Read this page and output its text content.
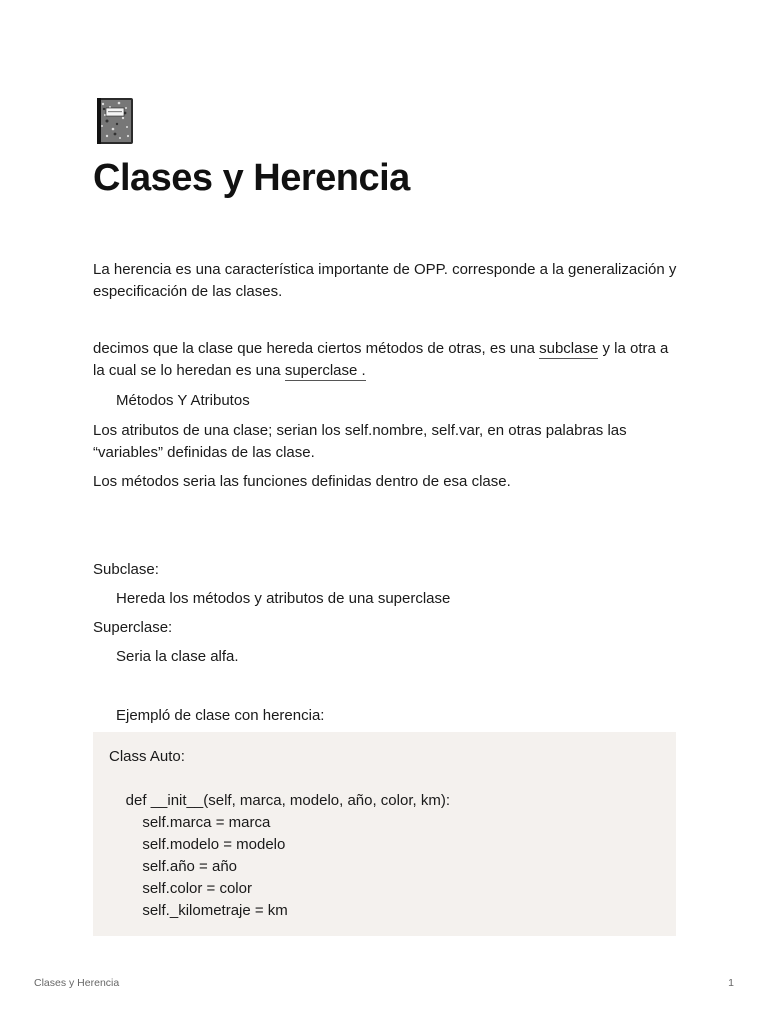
Clases y Herencia

La herencia es una característica importante de OPP. corresponde a la generalización y especificación de las clases.

decimos que la clase que hereda ciertos métodos de otras, es una subclase y la otra a la cual se lo heredan es una superclase .

Métodos Y Atributos

Los atributos de una clase; serian los self.nombre, self.var, en otras palabras las “variables” definidas de las clase.

Los métodos seria las funciones definidas dentro de esa clase.

Subclase:

Hereda los métodos y atributos de una superclase

Superclase:

Seria la clase alfa.

Ejempló de clase con herencia:

Class Auto:
def __init__(self, marca, modelo, año, color, km):
self.marca = marca
self.modelo = modelo
self.año = año
self.color = color
self._kilometraje = km
Clases y Herencia	1
